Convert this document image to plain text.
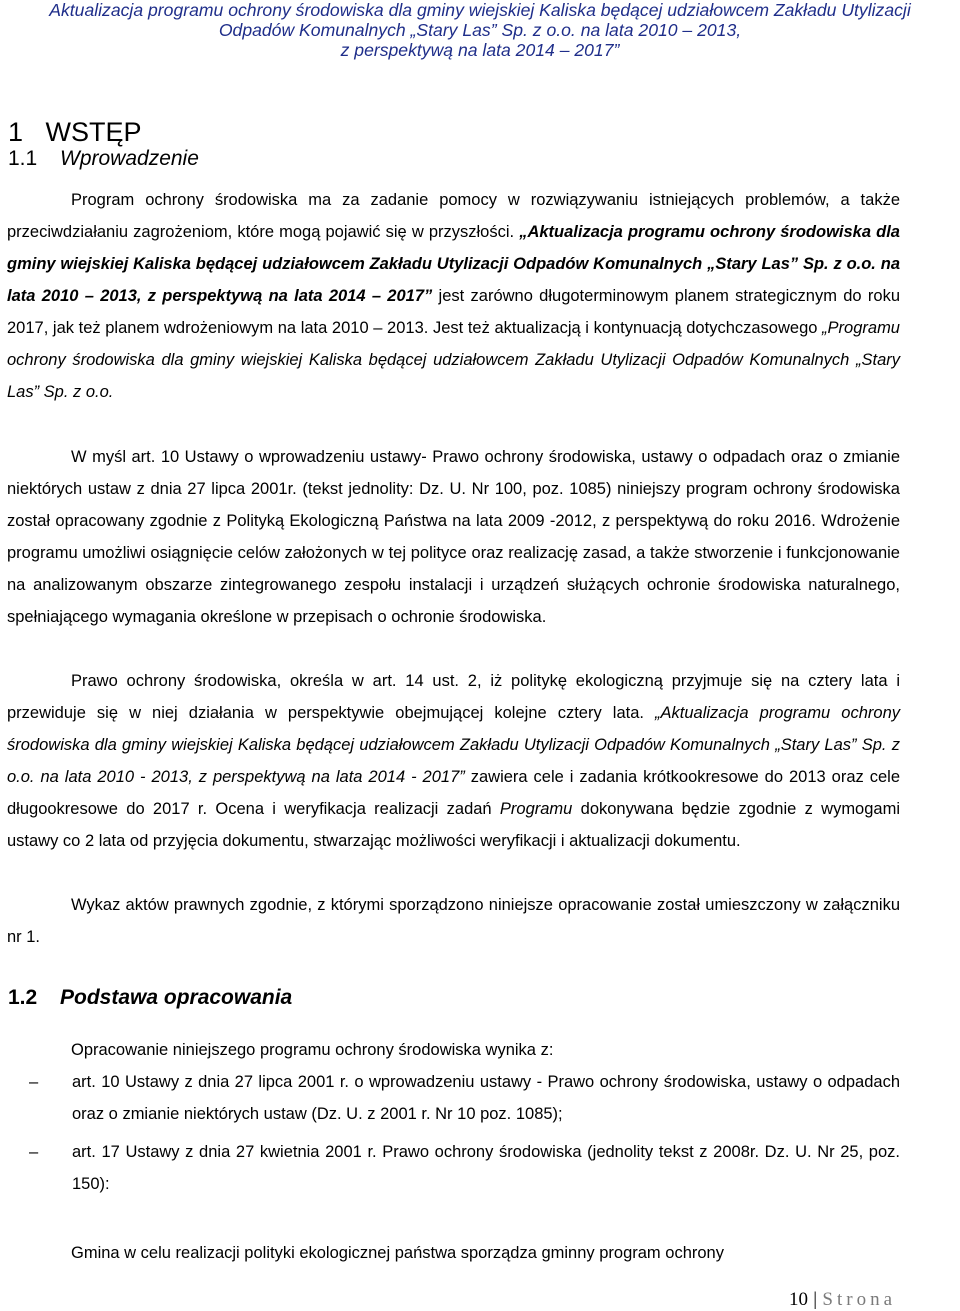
Aktualizacja programu ochrony środowiska dla gminy wiejskiej Kaliska będącej udziałowcem Zakładu Utylizacji
Odpadów Komunalnych „Stary Las” Sp. z o.o. na lata 2010 – 2013,
z perspektywą na lata 2014 – 2017”
1 WSTĘP
1.1 Wprowadzenie

Program ochrony środowiska ma za zadanie pomocy w rozwiązywaniu istniejących problemów, a także przeciwdziałaniu zagrożeniom, które mogą pojawić się w przyszłości. „Aktualizacja programu ochrony środowiska dla gminy wiejskiej Kaliska będącej udziałowcem Zakładu Utylizacji Odpadów Komunalnych „Stary Las” Sp. z o.o. na lata 2010 – 2013, z perspektywą na lata 2014 – 2017” jest zarówno długoterminowym planem strategicznym do roku 2017, jak też planem wdrożeniowym na lata 2010 – 2013. Jest też aktualizacją i kontynuacją dotychczasowego „Programu ochrony środowiska dla gminy wiejskiej Kaliska będącej udziałowcem Zakładu Utylizacji Odpadów Komunalnych „Stary Las” Sp. z o.o.

W myśl art. 10 Ustawy o wprowadzeniu ustawy- Prawo ochrony środowiska, ustawy o odpadach oraz o zmianie niektórych ustaw z dnia 27 lipca 2001r. (tekst jednolity: Dz. U. Nr 100, poz. 1085) niniejszy program ochrony środowiska został opracowany zgodnie z Polityką Ekologiczną Państwa na lata 2009 -2012, z perspektywą do roku 2016. Wdrożenie programu umożliwi osiągnięcie celów założonych w tej polityce oraz realizację zasad, a także stworzenie i funkcjonowanie na analizowanym obszarze zintegrowanego zespołu instalacji i urządzeń służących ochronie środowiska naturalnego, spełniającego wymagania określone w przepisach o ochronie środowiska.

Prawo ochrony środowiska, określa w art. 14 ust. 2, iż politykę ekologiczną przyjmuje się na cztery lata i przewiduje się w niej działania w perspektywie obejmującej kolejne cztery lata. „Aktualizacja programu ochrony środowiska dla gminy wiejskiej Kaliska będącej udziałowcem Zakładu Utylizacji Odpadów Komunalnych „Stary Las” Sp. z o.o. na lata 2010 - 2013, z perspektywą na lata 2014 - 2017” zawiera cele i zadania krótkookresowe do 2013 oraz cele długookresowe do 2017 r. Ocena i weryfikacja realizacji zadań Programu dokonywana będzie zgodnie z wymogami ustawy co 2 lata od przyjęcia dokumentu, stwarzając możliwości weryfikacji i aktualizacji dokumentu.

Wykaz aktów prawnych zgodnie, z którymi sporządzono niniejsze opracowanie został umieszczony w załączniku nr 1.

1.2 Podstawa opracowania

Opracowanie niniejszego programu ochrony środowiska wynika z:

– art. 10 Ustawy z dnia 27 lipca 2001 r. o wprowadzeniu ustawy - Prawo ochrony środowiska, ustawy o odpadach oraz o zmianie niektórych ustaw (Dz. U. z 2001 r. Nr 10 poz. 1085);
– art. 17 Ustawy z dnia 27 kwietnia 2001 r. Prawo ochrony środowiska (jednolity tekst z 2008r. Dz. U. Nr 25, poz. 150):

Gmina w celu realizacji polityki ekologicznej państwa sporządza gminny program ochrony

10 | Strona
